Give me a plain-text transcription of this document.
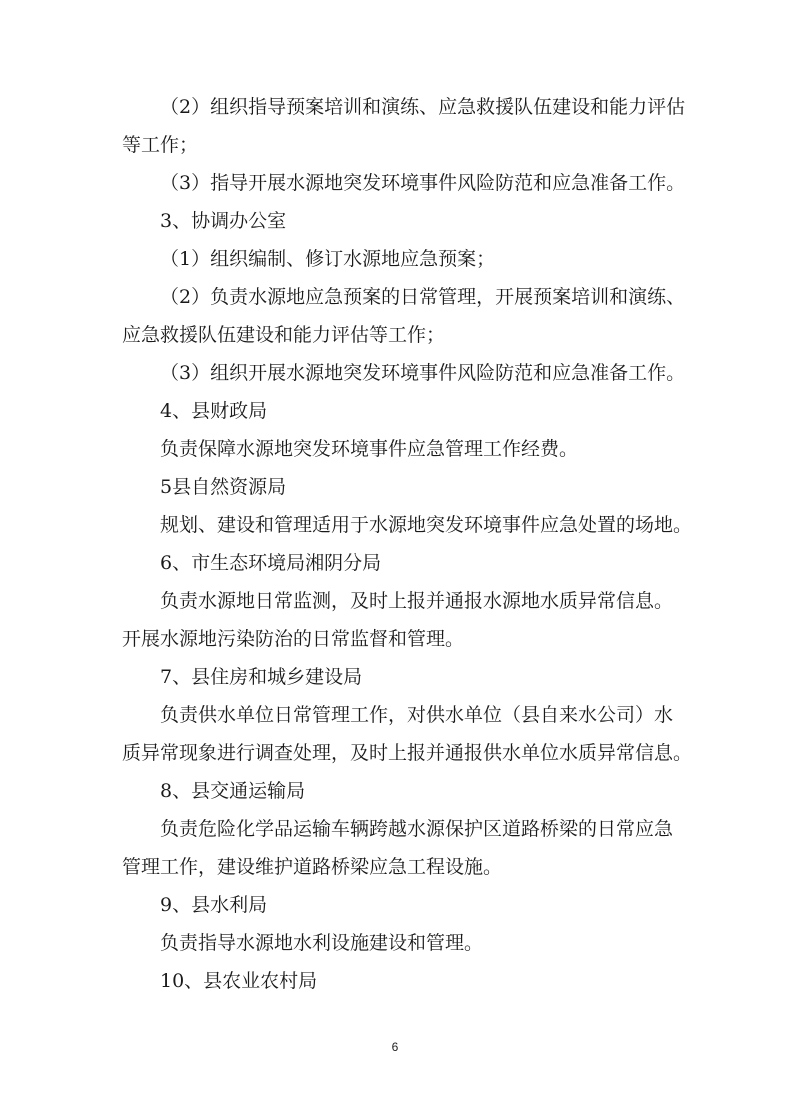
（2）组织指导预案培训和演练、应急救援队伍建设和能力评估

等工作；

（3）指导开展水源地突发环境事件风险防范和应急准备工作。

3、协调办公室

（1）组织编制、修订水源地应急预案；

（2）负责水源地应急预案的日常管理，开展预案培训和演练、

应急救援队伍建设和能力评估等工作；

（3）组织开展水源地突发环境事件风险防范和应急准备工作。

4、县财政局

负责保障水源地突发环境事件应急管理工作经费。

5县自然资源局

规划、建设和管理适用于水源地突发环境事件应急处置的场地。

6、市生态环境局湘阴分局

负责水源地日常监测，及时上报并通报水源地水质异常信息。

开展水源地污染防治的日常监督和管理。

7、县住房和城乡建设局

负责供水单位日常管理工作，对供水单位（县自来水公司）水

质异常现象进行调查处理，及时上报并通报供水单位水质异常信息。

8、县交通运输局

负责危险化学品运输车辆跨越水源保护区道路桥梁的日常应急

管理工作，建设维护道路桥梁应急工程设施。

9、县水利局

负责指导水源地水利设施建设和管理。

10、县农业农村局

6
